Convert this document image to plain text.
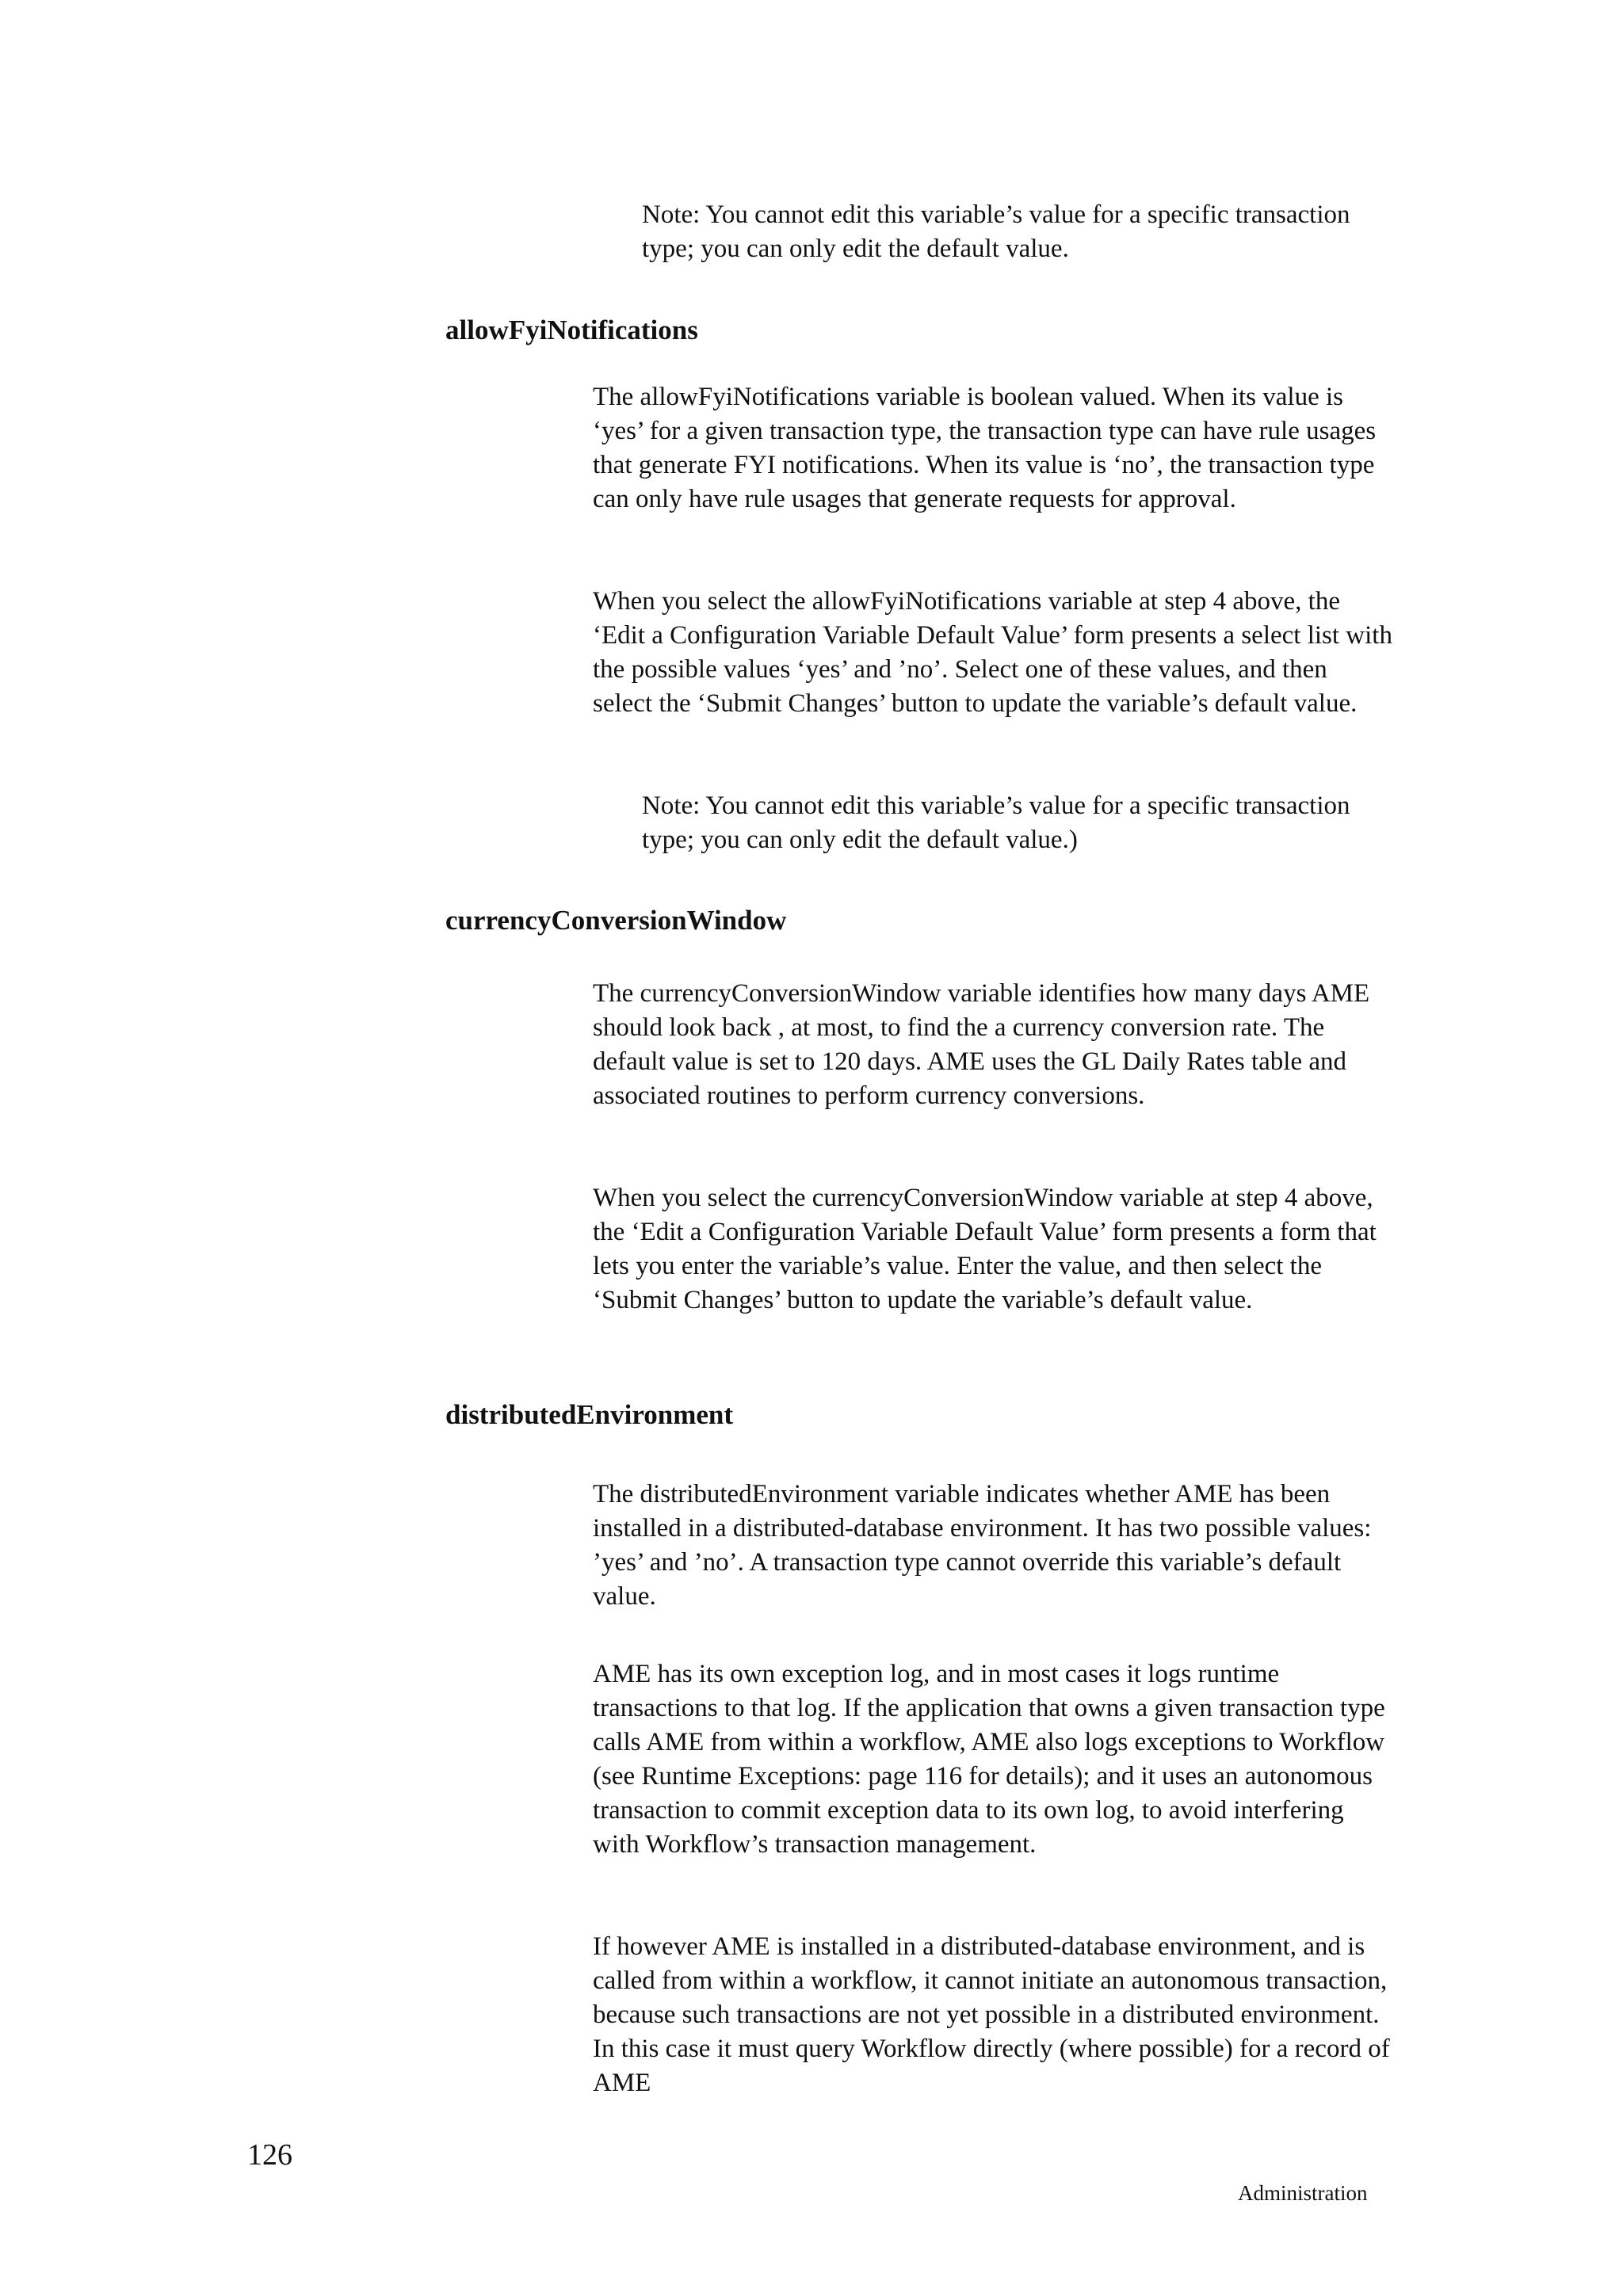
Note: You cannot edit this variable’s value for a specific transaction type; you can only edit the default value.

allowFyiNotifications

The allowFyiNotifications variable is boolean valued. When its value is ‘yes’ for a given transaction type, the transaction type can have rule usages that generate FYI notifications. When its value is ‘no’, the transaction type can only have rule usages that generate requests for approval.

When you select the allowFyiNotifications variable at step 4 above, the ‘Edit a Configuration Variable Default Value’ form presents a select list with the possible values ‘yes’ and ’no’. Select one of these values, and then select the ‘Submit Changes’ button to update the variable’s default value.

Note: You cannot edit this variable’s value for a specific transaction type; you can only edit the default value.)

currencyConversionWindow

The currencyConversionWindow variable identifies how many days AME should look back , at most, to find the a currency conversion rate. The default value is set to 120 days. AME uses the GL Daily Rates table and associated routines to perform currency conversions.

When you select the currencyConversionWindow variable at step 4 above, the ‘Edit a Configuration Variable Default Value’ form presents a form that lets you enter the variable’s value. Enter the value, and then select the ‘Submit Changes’ button to update the variable’s default value.

distributedEnvironment

The distributedEnvironment variable indicates whether AME has been installed in a distributed-database environment. It has two possible values: ’yes’ and ’no’. A transaction type cannot override this variable’s default value.

AME has its own exception log, and in most cases it logs runtime transactions to that log. If the application that owns a given transaction type calls AME from within a workflow, AME also logs exceptions to Workflow (see Runtime Exceptions: page 116 for details); and it uses an autonomous transaction to commit exception data to its own log, to avoid interfering with Workflow’s transaction management.

If however AME is installed in a distributed-database environment, and is called from within a workflow, it cannot initiate an autonomous transaction, because such transactions are not yet possible in a distributed environment. In this case it must query Workflow directly (where possible) for a record of AME

126
Administration
